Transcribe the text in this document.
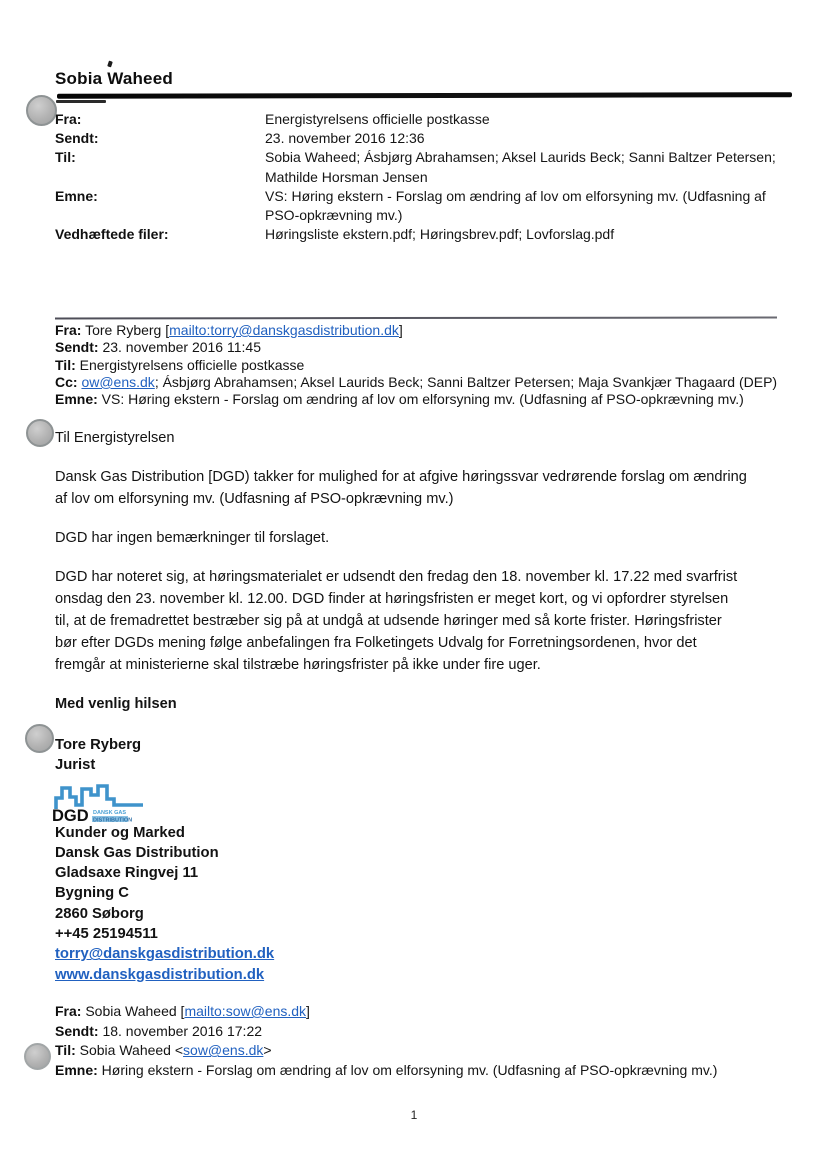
Sobia Waheed
Fra:	Energistyrelsens officielle postkasse
Sendt:	23. november 2016 12:36
Til:	Sobia Waheed; Ásbjørg Abrahamsen; Aksel Laurids Beck; Sanni Baltzer Petersen;
Mathilde Horsman Jensen
Emne:	VS: Høring ekstern - Forslag om ændring af lov om elforsyning mv. (Udfasning af
PSO-opkrævning mv.)
Vedhæftede filer:	Høringsliste ekstern.pdf; Høringsbrev.pdf; Lovforslag.pdf
Fra: Tore Ryberg [mailto:torry@danskgasdistribution.dk]
Sendt: 23. november 2016 11:45
Til: Energistyrelsens officielle postkasse
Cc: ow@ens.dk; Ásbjørg Abrahamsen; Aksel Laurids Beck; Sanni Baltzer Petersen; Maja Svankjær Thagaard (DEP)
Emne: VS: Høring ekstern - Forslag om ændring af lov om elforsyning mv. (Udfasning af PSO-opkrævning mv.)

Til Energistyrelsen

Dansk Gas Distribution [DGD) takker for mulighed for at afgive høringssvar vedrørende forslag om ændring
af lov om elforsyning mv. (Udfasning af PSO-opkrævning mv.)

DGD har ingen bemærkninger til forslaget.

DGD har noteret sig, at høringsmaterialet er udsendt den fredag den 18. november kl. 17.22 med svarfrist
onsdag den 23. november kl. 12.00. DGD finder at høringsfristen er meget kort, og vi opfordrer styrelsen
til, at de fremadrettet bestræber sig på at undgå at udsende høringer med så korte frister. Høringsfrister
bør efter DGDs mening følge anbefalingen fra Folketingets Udvalg for Forretningsordenen, hvor det
fremgår at ministerierne skal tilstræbe høringsfrister på ikke under fire uger.

Med venlig hilsen

Tore Ryberg
Jurist
DGD DANSK GAS
DISTRIBUTION
Kunder og Marked
Dansk Gas Distribution
Gladsaxe Ringvej 11
Bygning C
2860 Søborg
++45 25194511
torry@danskgasdistribution.dk
www.danskgasdistribution.dk
Fra: Sobia Waheed [mailto:sow@ens.dk]
Sendt: 18. november 2016 17:22
Til: Sobia Waheed <sow@ens.dk>
Emne: Høring ekstern - Forslag om ændring af lov om elforsyning mv. (Udfasning af PSO-opkrævning mv.)
1
